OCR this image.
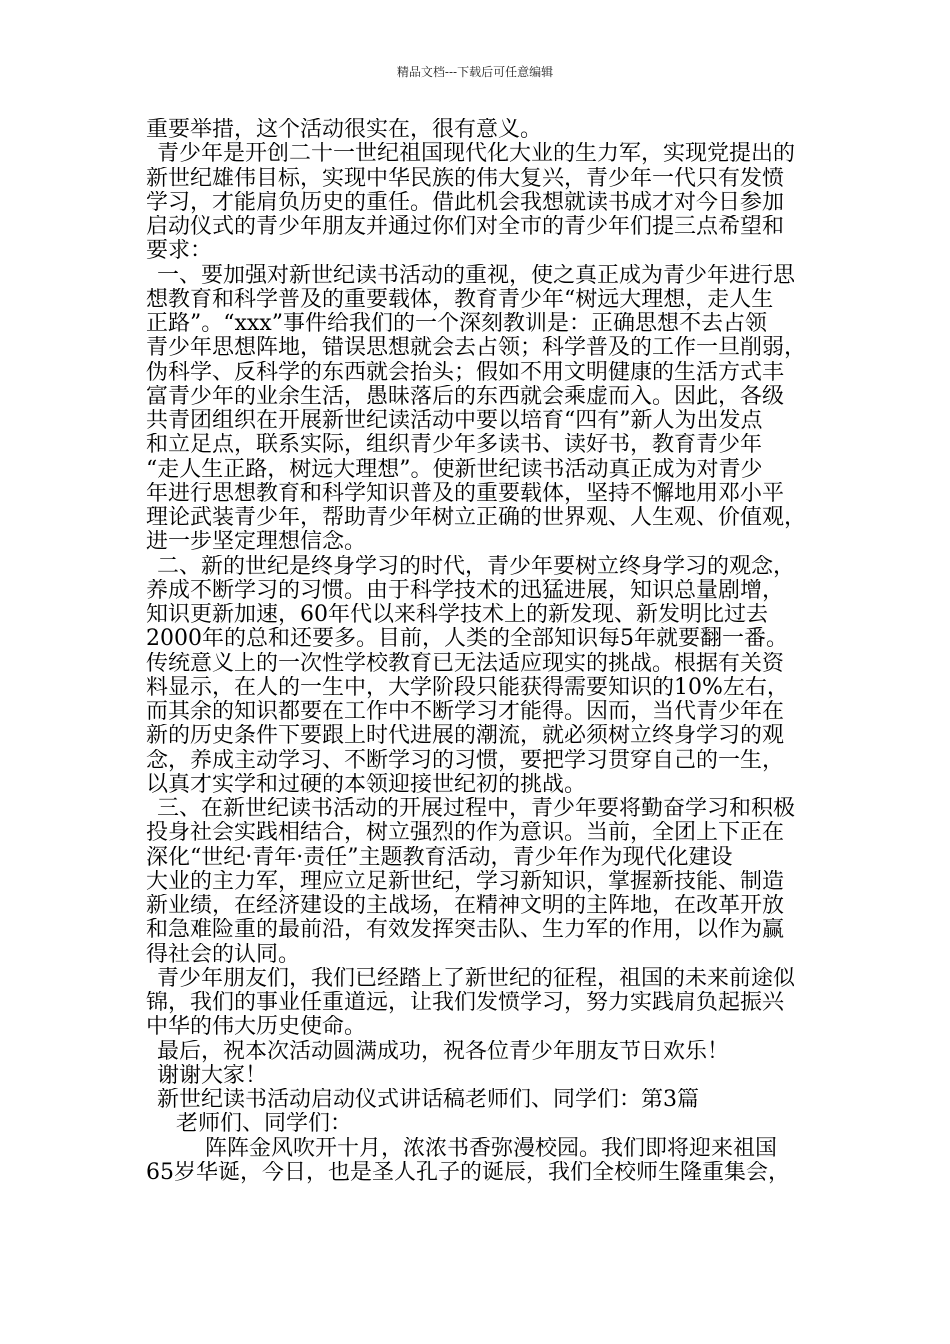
精品文档---下载后可任意编辑

重要举措，这个活动很实在，很有意义。

青少年是开创二十一世纪祖国现代化大业的生力军，实现党提出的

新世纪雄伟目标，实现中华民族的伟大复兴，青少年一代只有发愤

学习，才能肩负历史的重任。借此机会我想就读书成才对今日参加

启动仪式的青少年朋友并通过你们对全市的青少年们提三点希望和

要求：

一、要加强对新世纪读书活动的重视，使之真正成为青少年进行思

想教育和科学普及的重要载体，教育青少年“树远大理想，走人生

正路”。“xxx”事件给我们的一个深刻教训是：正确思想不去占领

青少年思想阵地，错误思想就会去占领；科学普及的工作一旦削弱，

伪科学、反科学的东西就会抬头；假如不用文明健康的生活方式丰

富青少年的业余生活，愚昧落后的东西就会乘虚而入。因此，各级

共青团组织在开展新世纪读活动中要以培育“四有”新人为出发点

和立足点，联系实际，组织青少年多读书、读好书，教育青少年

“走人生正路，树远大理想”。使新世纪读书活动真正成为对青少

年进行思想教育和科学知识普及的重要载体，坚持不懈地用邓小平

理论武装青少年，帮助青少年树立正确的世界观、人生观、价值观，

进一步坚定理想信念。

二、新的世纪是终身学习的时代，青少年要树立终身学习的观念，

养成不断学习的习惯。由于科学技术的迅猛进展，知识总量剧增，

知识更新加速，60年代以来科学技术上的新发现、新发明比过去

2000年的总和还要多。目前，人类的全部知识每5年就要翻一番。

传统意义上的一次性学校教育已无法适应现实的挑战。根据有关资

料显示，在人的一生中，大学阶段只能获得需要知识的10%左右，

而其余的知识都要在工作中不断学习才能得。因而，当代青少年在

新的历史条件下要跟上时代进展的潮流，就必须树立终身学习的观

念，养成主动学习、不断学习的习惯，要把学习贯穿自己的一生，

以真才实学和过硬的本领迎接世纪初的挑战。

三、在新世纪读书活动的开展过程中，青少年要将勤奋学习和积极

投身社会实践相结合，树立强烈的作为意识。当前，全团上下正在

深化“世纪·青年·责任”主题教育活动，青少年作为现代化建设

大业的主力军，理应立足新世纪，学习新知识，掌握新技能、制造

新业绩，在经济建设的主战场，在精神文明的主阵地，在改革开放

和急难险重的最前沿，有效发挥突击队、生力军的作用，以作为赢

得社会的认同。

青少年朋友们，我们已经踏上了新世纪的征程，祖国的未来前途似

锦，我们的事业任重道远，让我们发愤学习，努力实践肩负起振兴

中华的伟大历史使命。

最后，祝本次活动圆满成功，祝各位青少年朋友节日欢乐！

谢谢大家！

新世纪读书活动启动仪式讲话稿老师们、同学们：第3篇

老师们、同学们：

阵阵金风吹开十月，浓浓书香弥漫校园。我们即将迎来祖国

65岁华诞，今日，也是圣人孔子的诞辰，我们全校师生隆重集会，
